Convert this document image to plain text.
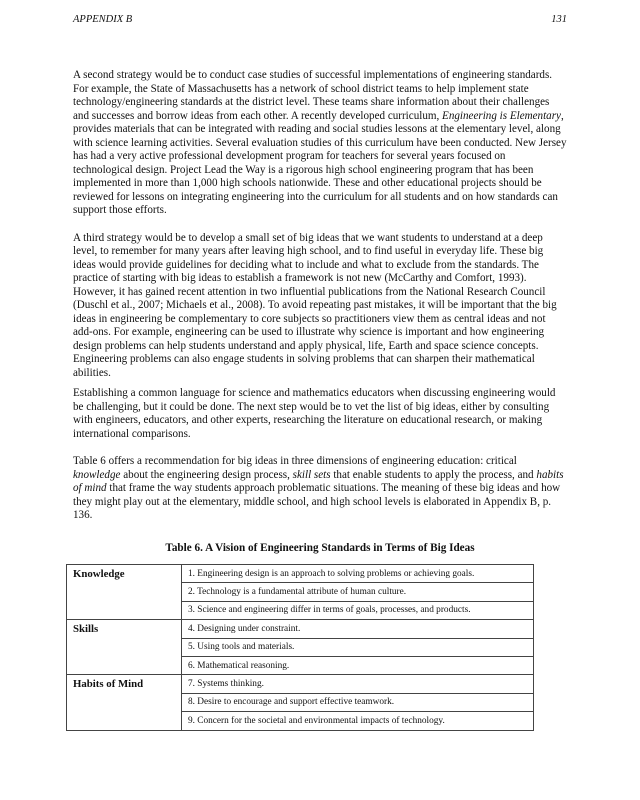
APPENDIX B	131

A second strategy would be to conduct case studies of successful implementations of engineering standards. For example, the State of Massachusetts has a network of school district teams to help implement state technology/engineering standards at the district level. These teams share information about their challenges and successes and borrow ideas from each other. A recently developed curriculum, Engineering is Elementary, provides materials that can be integrated with reading and social studies lessons at the elementary level, along with science learning activities. Several evaluation studies of this curriculum have been conducted. New Jersey has had a very active professional development program for teachers for several years focused on technological design. Project Lead the Way is a rigorous high school engineering program that has been implemented in more than 1,000 high schools nationwide. These and other educational projects should be reviewed for lessons on integrating engineering into the curriculum for all students and on how standards can support those efforts.

A third strategy would be to develop a small set of big ideas that we want students to understand at a deep level, to remember for many years after leaving high school, and to find useful in everyday life. These big ideas would provide guidelines for deciding what to include and what to exclude from the standards. The practice of starting with big ideas to establish a framework is not new (McCarthy and Comfort, 1993). However, it has gained recent attention in two influential publications from the National Research Council (Duschl et al., 2007; Michaels et al., 2008). To avoid repeating past mistakes, it will be important that the big ideas in engineering be complementary to core subjects so practitioners view them as central ideas and not add-ons. For example, engineering can be used to illustrate why science is important and how engineering design problems can help students understand and apply physical, life, Earth and space science concepts. Engineering problems can also engage students in solving problems that can sharpen their mathematical abilities.

Establishing a common language for science and mathematics educators when discussing engineering would be challenging, but it could be done. The next step would be to vet the list of big ideas, either by consulting with engineers, educators, and other experts, researching the literature on educational research, or making international comparisons.

Table 6 offers a recommendation for big ideas in three dimensions of engineering education: critical knowledge about the engineering design process, skill sets that enable students to apply the process, and habits of mind that frame the way students approach problematic situations. The meaning of these big ideas and how they might play out at the elementary, middle school, and high school levels is elaborated in Appendix B, p. 136.

Table 6. A Vision of Engineering Standards in Terms of Big Ideas
Knowledge	1. Engineering design is an approach to solving problems or achieving goals.
	2. Technology is a fundamental attribute of human culture.
	3. Science and engineering differ in terms of goals, processes, and products.
Skills	4. Designing under constraint.
	5. Using tools and materials.
	6. Mathematical reasoning.
Habits of Mind	7. Systems thinking.
	8. Desire to encourage and support effective teamwork.
	9. Concern for the societal and environmental impacts of technology.
